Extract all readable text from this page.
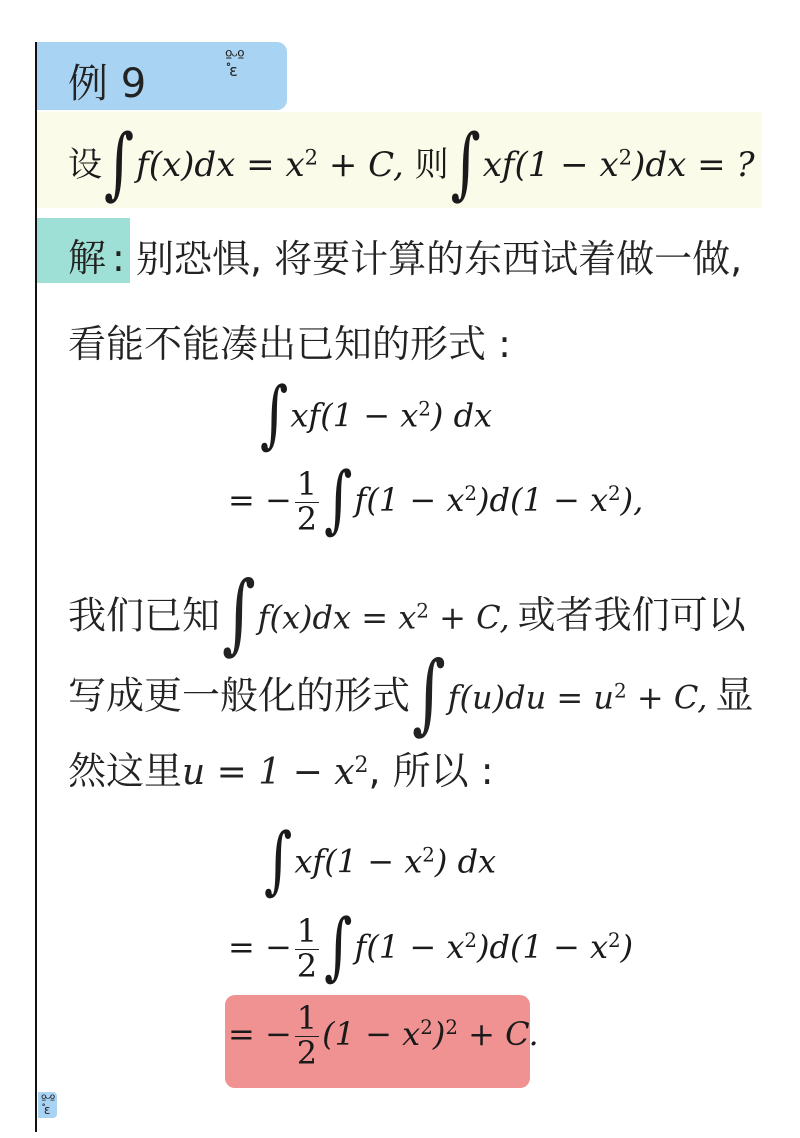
例 9
º̥ᵕº
ɛ
设$\int f(x)dx = x^2 + C$, 则$\int xf(1 - x^2)dx$ = ?
解 : 别恐惧, 将要计算的东西试着做一做,
看能不能凑出已知的形式 :
$\int xf(1 - x^2)$ dx
= − $\frac{1}{2} \int f(1 - x^2)d(1 - x^2)$,
我们已知$\int f(x)dx = x^2 + C$, 或者我们可以
写成更一般化的形式$\int f(u)du = u^2 + C$, 显
然这里$u = 1 - x^2$, 所以 :
$\int xf(1 - x^2)$ dx
= − $\frac{1}{2} \int f(1 - x^2)d(1 - x^2)$
= − $\frac{1}{2} (1 - x^2)^2 + C$.
º̥ᵕº
ɛ
